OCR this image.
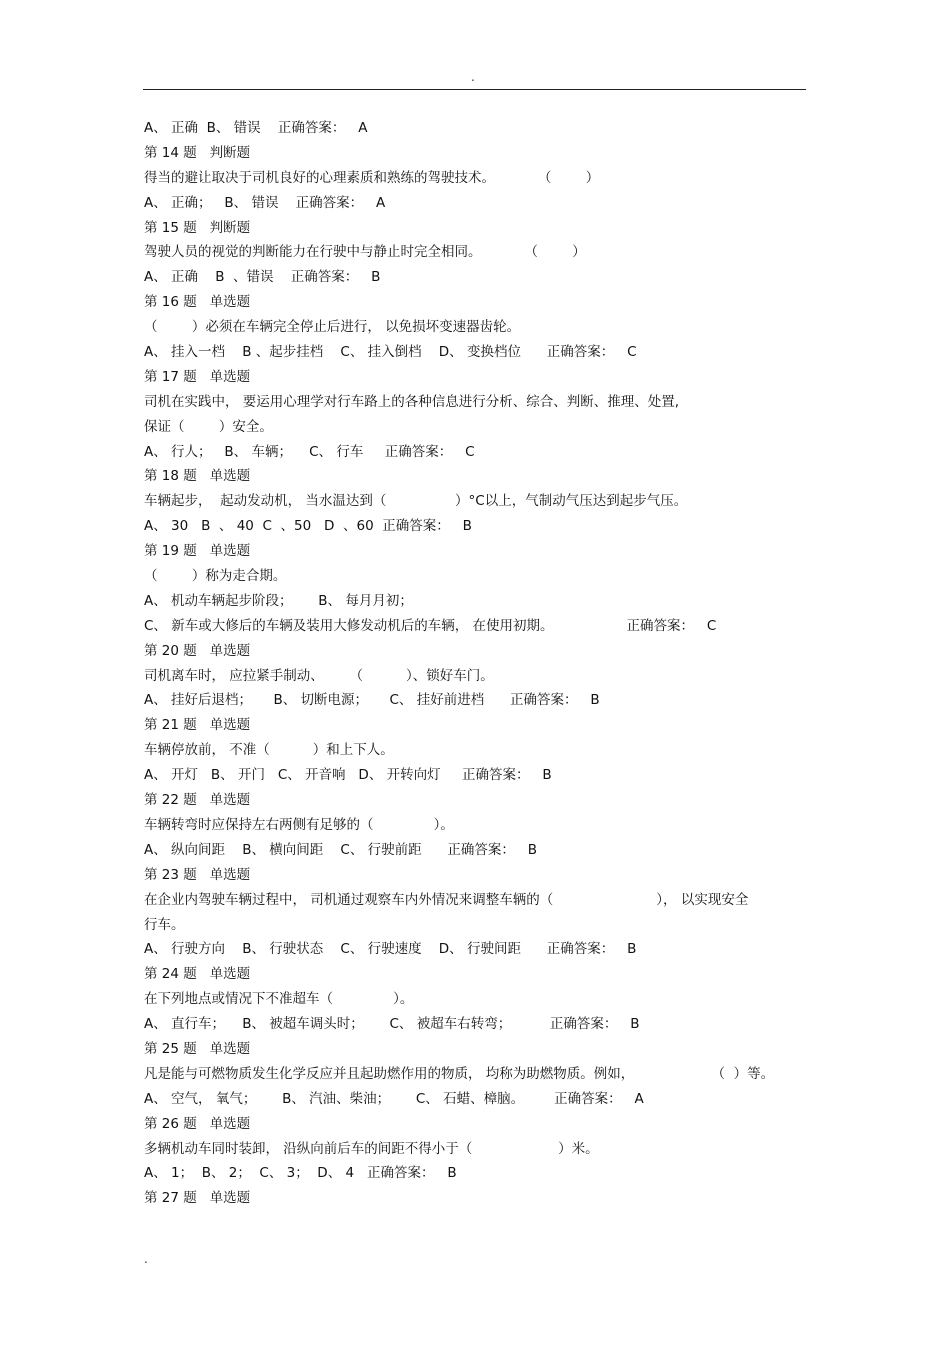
.
A、 正确  B、 错误    正确答案：   A
第 14 题   判断题
得当的避让取决于司机良好的心理素质和熟练的驾驶技术。          （        ）
A、 正确；   B、 错误    正确答案：   A
第 15 题   判断题
驾驶人员的视觉的判断能力在行驶中与静止时完全相同。          （        ）
A、 正确    B  、错误    正确答案：   B
第 16 题   单选题
（        ）必须在车辆完全停止后进行， 以免损坏变速器齿轮。
A、 挂入一档    B 、起步挂档    C、 挂入倒档    D、 变换档位      正确答案：   C
第 17 题   单选题
司机在实践中， 要运用心理学对行车路上的各种信息进行分析、综合、判断、推理、处置,
保证（        ）安全。
A、 行人；   B、 车辆；    C、 行车     正确答案：   C
第 18 题   单选题
车辆起步，  起动发动机， 当水温达到（                ）°C以上，气制动气压达到起步气压。
A、 30   B  、 40  C  、50   D  、60  正确答案：   B
第 19 题   单选题
（        ）称为走合期。
A、 机动车辆起步阶段；      B、 每月月初；
C、 新车或大修后的车辆及装用大修发动机后的车辆， 在使用初期。                 正确答案：   C
第 20 题   单选题
司机离车时， 应拉紧手制动、      （          ）、锁好车门。
A、 挂好后退档；     B、 切断电源；     C、 挂好前进档      正确答案：   B
第 21 题   单选题
车辆停放前， 不准（          ）和上下人。
A、 开灯   B、 开门   C、 开音响   D、 开转向灯     正确答案：   B
第 22 题   单选题
车辆转弯时应保持左右两侧有足够的（              ）。
A、 纵向间距    B、 横向间距    C、 行驶前距      正确答案：   B
第 23 题   单选题
在企业内驾驶车辆过程中， 司机通过观察车内外情况来调整车辆的（                        ）， 以实现安全
行车。
A、 行驶方向    B、 行驶状态    C、 行驶速度    D、 行驶间距      正确答案：   B
第 24 题   单选题
在下列地点或情况下不准超车（              ）。
A、 直行车；    B、 被超车调头时；      C、 被超车右转弯；         正确答案：   B
第 25 题   单选题
凡是能与可燃物质发生化学反应并且起助燃作用的物质， 均称为助燃物质。例如，                  （  ）等。
A、 空气， 氧气；      B、 汽油、柴油；      C、 石蜡、樟脑。       正确答案：   A
第 26 题   单选题
多辆机动车同时装卸， 沿纵向前后车的间距不得小于（                    ）米。
A、 1；  B、 2；  C、 3；  D、 4   正确答案：   B
第 27 题   单选题
.
